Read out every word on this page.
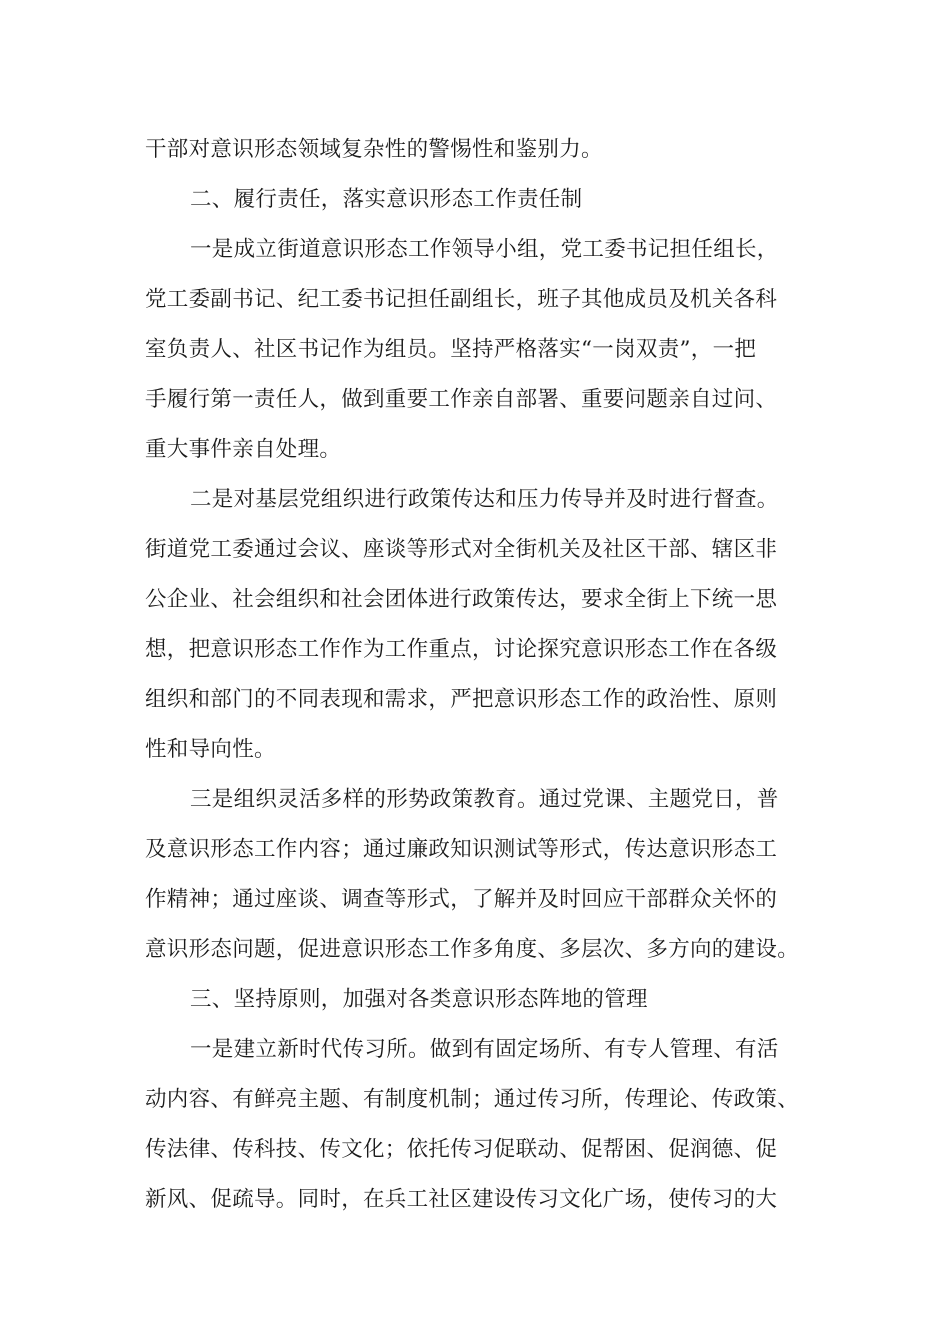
干部对意识形态领域复杂性的警惕性和鉴别力。
二、履行责任，落实意识形态工作责任制
一是成立街道意识形态工作领导小组，党工委书记担任组长，
党工委副书记、纪工委书记担任副组长，班子其他成员及机关各科
室负责人、社区书记作为组员。坚持严格落实“一岗双责”，一把
手履行第一责任人，做到重要工作亲自部署、重要问题亲自过问、
重大事件亲自处理。
二是对基层党组织进行政策传达和压力传导并及时进行督查。
街道党工委通过会议、座谈等形式对全街机关及社区干部、辖区非
公企业、社会组织和社会团体进行政策传达，要求全街上下统一思
想，把意识形态工作作为工作重点，讨论探究意识形态工作在各级
组织和部门的不同表现和需求，严把意识形态工作的政治性、原则
性和导向性。
三是组织灵活多样的形势政策教育。通过党课、主题党日，普
及意识形态工作内容；通过廉政知识测试等形式，传达意识形态工
作精神；通过座谈、调查等形式，了解并及时回应干部群众关怀的
意识形态问题，促进意识形态工作多角度、多层次、多方向的建设。
三、坚持原则，加强对各类意识形态阵地的管理
一是建立新时代传习所。做到有固定场所、有专人管理、有活
动内容、有鲜亮主题、有制度机制；通过传习所，传理论、传政策、
传法律、传科技、传文化；依托传习促联动、促帮困、促润德、促
新风、促疏导。同时，在兵工社区建设传习文化广场，使传习的大
